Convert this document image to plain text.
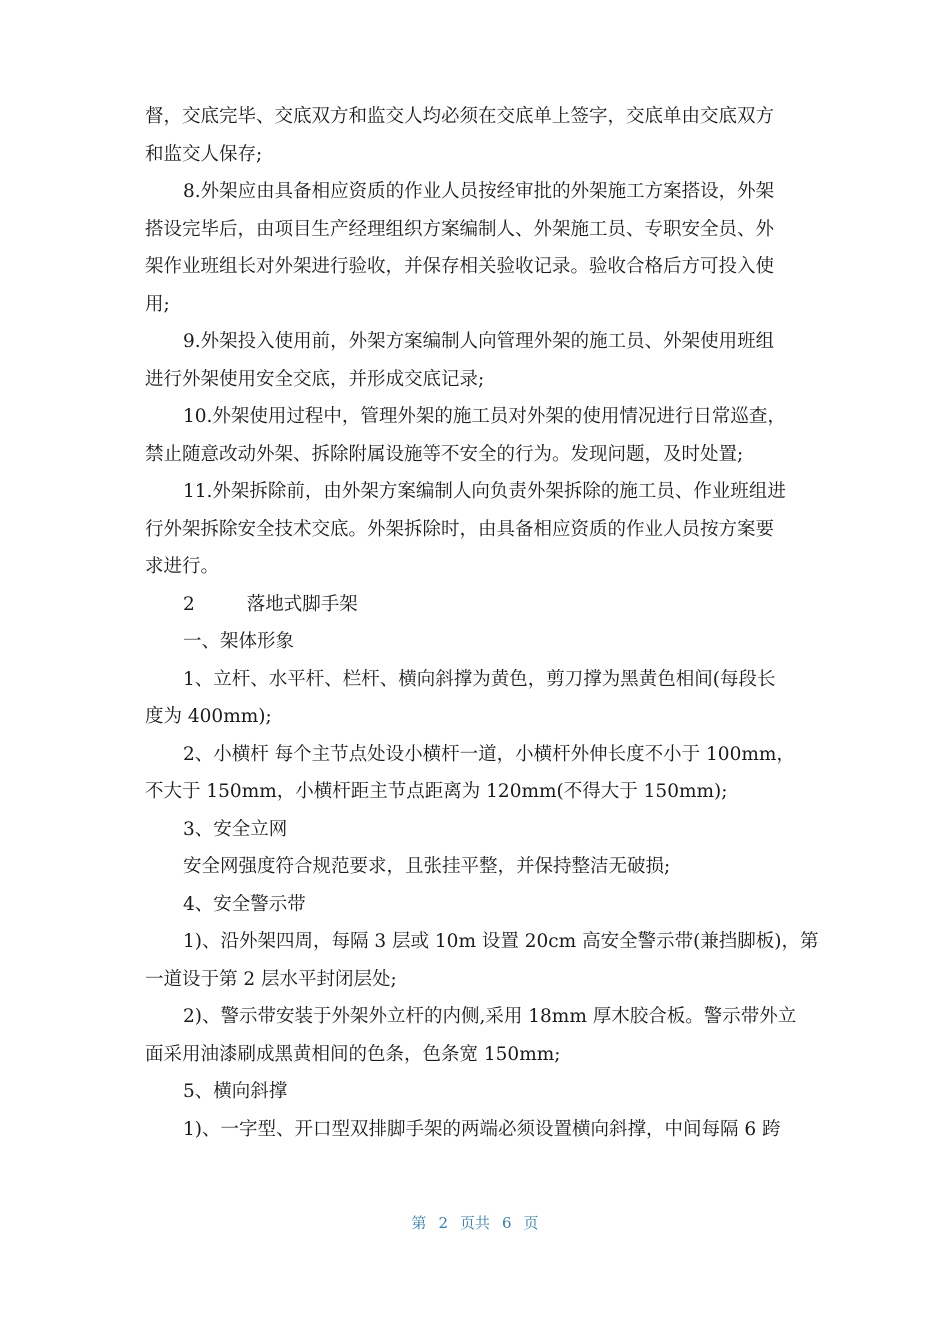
督，交底完毕、交底双方和监交人均必须在交底单上签字，交底单由交底双方
和监交人保存;
8.外架应由具备相应资质的作业人员按经审批的外架施工方案搭设，外架
搭设完毕后，由项目生产经理组织方案编制人、外架施工员、专职安全员、外
架作业班组长对外架进行验收，并保存相关验收记录。验收合格后方可投入使
用;
9.外架投入使用前，外架方案编制人向管理外架的施工员、外架使用班组
进行外架使用安全交底，并形成交底记录;
10.外架使用过程中，管理外架的施工员对外架的使用情况进行日常巡查，
禁止随意改动外架、拆除附属设施等不安全的行为。发现问题，及时处置;
11.外架拆除前，由外架方案编制人向负责外架拆除的施工员、作业班组进
行外架拆除安全技术交底。外架拆除时，由具备相应资质的作业人员按方案要
求进行。
2	落地式脚手架
一、架体形象
1、立杆、水平杆、栏杆、横向斜撑为黄色，剪刀撑为黑黄色相间(每段长
度为 400mm);
2、小横杆 每个主节点处设小横杆一道，小横杆外伸长度不小于 100mm，
不大于 150mm，小横杆距主节点距离为 120mm(不得大于 150mm);
3、安全立网
安全网强度符合规范要求，且张挂平整，并保持整洁无破损;
4、安全警示带
1)、沿外架四周，每隔 3 层或 10m 设置 20cm 高安全警示带(兼挡脚板)，第
一道设于第 2 层水平封闭层处;
2)、警示带安装于外架外立杆的内侧,采用 18mm 厚木胶合板。警示带外立
面采用油漆刷成黑黄相间的色条，色条宽 150mm;
5、横向斜撑
1)、一字型、开口型双排脚手架的两端必须设置横向斜撑，中间每隔 6 跨
第 2 页共 6 页
